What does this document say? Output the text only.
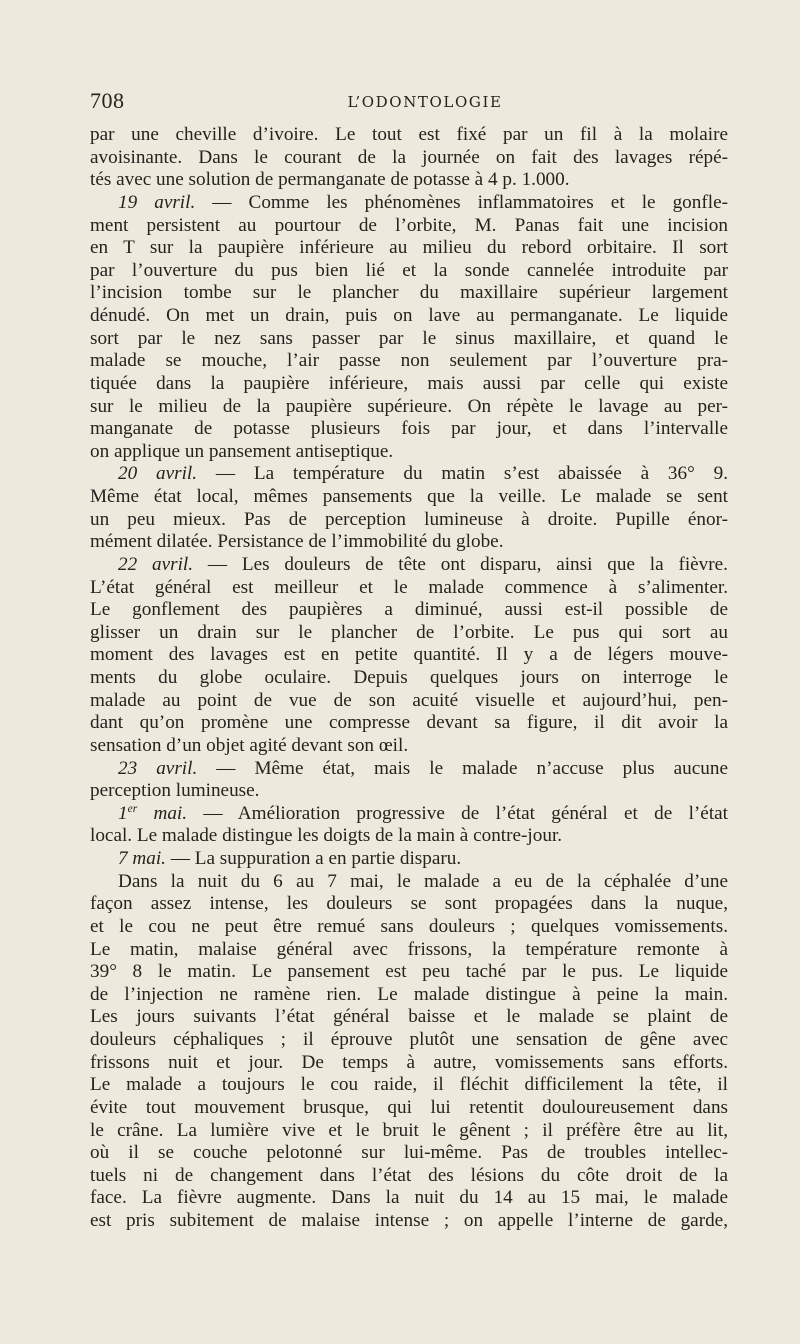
708	L’ODONTOLOGIE
par une cheville d’ivoire. Le tout est fixé par un fil à la molaire
avoisinante. Dans le courant de la journée on fait des lavages répé-
tés avec une solution de permanganate de potasse à 4 p. 1.000.
19 avril. — Comme les phénomènes inflammatoires et le gonfle-
ment persistent au pourtour de l’orbite, M. Panas fait une incision
en T sur la paupière inférieure au milieu du rebord orbitaire. Il sort
par l’ouverture du pus bien lié et la sonde cannelée introduite par
l’incision tombe sur le plancher du maxillaire supérieur largement
dénudé. On met un drain, puis on lave au permanganate. Le liquide
sort par le nez sans passer par le sinus maxillaire, et quand le
malade se mouche, l’air passe non seulement par l’ouverture pra-
tiquée dans la paupière inférieure, mais aussi par celle qui existe
sur le milieu de la paupière supérieure. On répète le lavage au per-
manganate de potasse plusieurs fois par jour, et dans l’intervalle
on applique un pansement antiseptique.
20 avril. — La température du matin s’est abaissée à 36° 9.
Même état local, mêmes pansements que la veille. Le malade se sent
un peu mieux. Pas de perception lumineuse à droite. Pupille énor-
mément dilatée. Persistance de l’immobilité du globe.
22 avril. — Les douleurs de tête ont disparu, ainsi que la fièvre.
L’état général est meilleur et le malade commence à s’alimenter.
Le gonflement des paupières a diminué, aussi est-il possible de
glisser un drain sur le plancher de l’orbite. Le pus qui sort au
moment des lavages est en petite quantité. Il y a de légers mouve-
ments du globe oculaire. Depuis quelques jours on interroge le
malade au point de vue de son acuité visuelle et aujourd’hui, pen-
dant qu’on promène une compresse devant sa figure, il dit avoir la
sensation d’un objet agité devant son œil.
23 avril. — Même état, mais le malade n’accuse plus aucune
perception lumineuse.
1er mai. — Amélioration progressive de l’état général et de l’état
local. Le malade distingue les doigts de la main à contre-jour.
7 mai. — La suppuration a en partie disparu.
Dans la nuit du 6 au 7 mai, le malade a eu de la céphalée d’une
façon assez intense, les douleurs se sont propagées dans la nuque,
et le cou ne peut être remué sans douleurs ; quelques vomissements.
Le matin, malaise général avec frissons, la température remonte à
39° 8 le matin. Le pansement est peu taché par le pus. Le liquide
de l’injection ne ramène rien. Le malade distingue à peine la main.
Les jours suivants l’état général baisse et le malade se plaint de
douleurs céphaliques ; il éprouve plutôt une sensation de gêne avec
frissons nuit et jour. De temps à autre, vomissements sans efforts.
Le malade a toujours le cou raide, il fléchit difficilement la tête, il
évite tout mouvement brusque, qui lui retentit douloureusement dans
le crâne. La lumière vive et le bruit le gênent ; il préfère être au lit,
où il se couche pelotonné sur lui-même. Pas de troubles intellec-
tuels ni de changement dans l’état des lésions du côte droit de la
face. La fièvre augmente. Dans la nuit du 14 au 15 mai, le malade
est pris subitement de malaise intense ; on appelle l’interne de garde,
